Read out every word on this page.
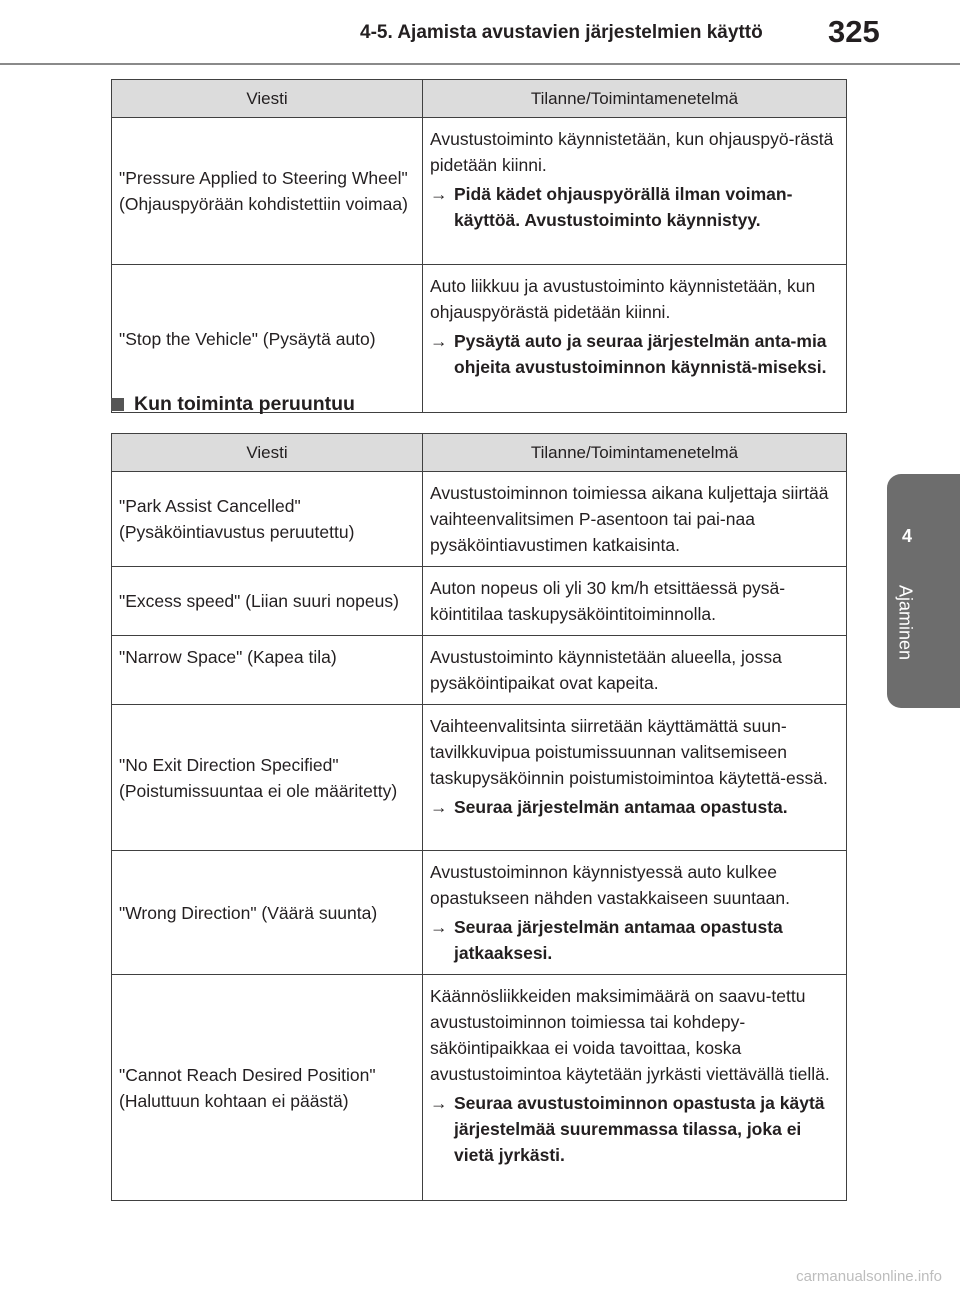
4-5. Ajamista avustavien järjestelmien käyttö 325
4
Ajaminen
Viesti	Tilanne/Toimintamenetelmä
"Pressure Applied to Steering Wheel" (Ohjauspyörään kohdistettiin voimaa)	Avustustoiminto käynnistetään, kun ohjauspyö-rästä pidetään kiinni.
→ Pidä kädet ohjauspyörällä ilman voiman-käyttöä. Avustustoiminto käynnistyy.

"Stop the Vehicle" (Pysäytä auto)	Auto liikkuu ja avustustoiminto käynnistetään, kun ohjauspyörästä pidetään kiinni.
→ Pysäytä auto ja seuraa järjestelmän anta-mia ohjeita avustustoiminnon käynnistä-miseksi.
Kun toiminta peruuntuu
Viesti	Tilanne/Toimintamenetelmä
"Park Assist Cancelled" (Pysäköintiavustus peruutettu)	Avustustoiminnon toimiessa aikana kuljettaja siirtää vaihteenvalitsimen P-asentoon tai pai-naa pysäköintiavustimen katkaisinta.

"Excess speed" (Liian suuri nopeus)	Auton nopeus oli yli 30 km/h etsittäessä pysä-köintitilaa taskupysäköintitoiminnolla.

"Narrow Space" (Kapea tila)	Avustustoiminto käynnistetään alueella, jossa pysäköintipaikat ovat kapeita.

"No Exit Direction Specified" (Poistumissuuntaa ei ole määritetty)	Vaihteenvalitsinta siirretään käyttämättä suun-tavilkkuvipua poistumissuunnan valitsemiseen taskupysäköinnin poistumistoimintoa käytettä-essä.
→ Seuraa järjestelmän antamaa opastusta.

"Wrong Direction" (Väärä suunta)	Avustustoiminnon käynnistyessä auto kulkee opastukseen nähden vastakkaiseen suuntaan.
→ Seuraa järjestelmän antamaa opastusta jatkaaksesi.

"Cannot Reach Desired Position" (Haluttuun kohtaan ei päästä)	Käännösliikkeiden maksimimäärä on saavu-tettu avustustoiminnon toimiessa tai kohdepy-säköintipaikkaa ei voida tavoittaa, koska avustustoimintoa käytetään jyrkästi viettävällä tiellä.
→ Seuraa avustustoiminnon opastusta ja käytä järjestelmää suuremmassa tilassa, joka ei vietä jyrkästi.
carmanualsonline.info
